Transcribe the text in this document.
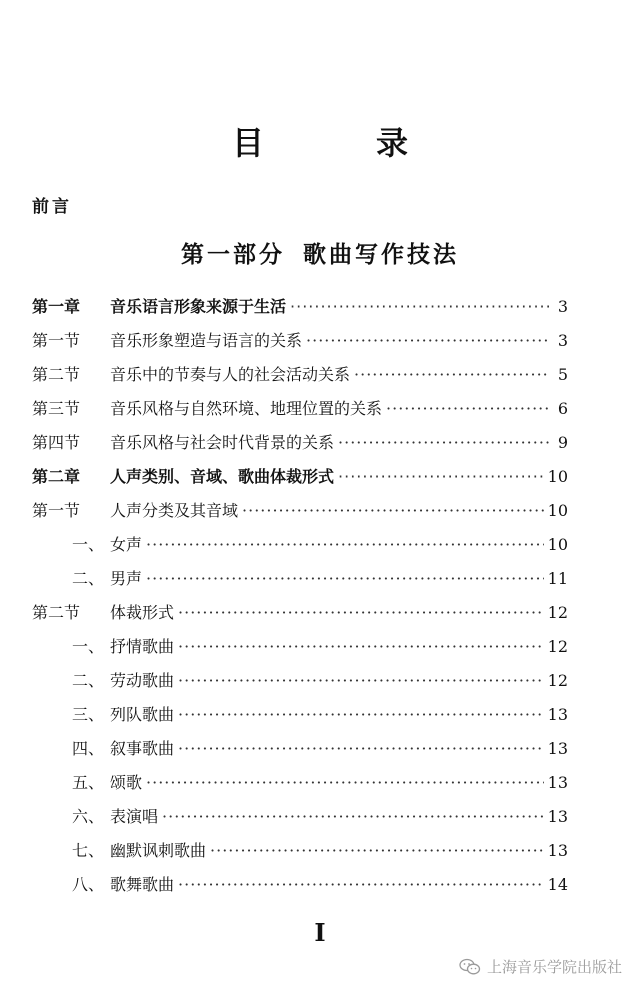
目　录
前言
第一部分 歌曲写作技法
第一章	音乐语言形象来源于生活 ·····	3
第一节	音乐形象塑造与语言的关系 ·····	3
第二节	音乐中的节奏与人的社会活动关系 ·····	5
第三节	音乐风格与自然环境、地理位置的关系 ·····	6
第四节	音乐风格与社会时代背景的关系 ·····	9
第二章	人声类别、音域、歌曲体裁形式 ·····	10
第一节	人声分类及其音域 ·····	10
一、 女声 ·····	10
二、 男声 ·····	11
第二节	体裁形式 ·····	12
一、 抒情歌曲 ·····	12
二、 劳动歌曲 ·····	12
三、 列队歌曲 ·····	13
四、 叙事歌曲 ·····	13
五、 颂歌 ·····	13
六、 表演唱 ·····	13
七、 幽默讽刺歌曲 ·····	13
八、 歌舞歌曲 ·····	14
I
上海音乐学院出版社
